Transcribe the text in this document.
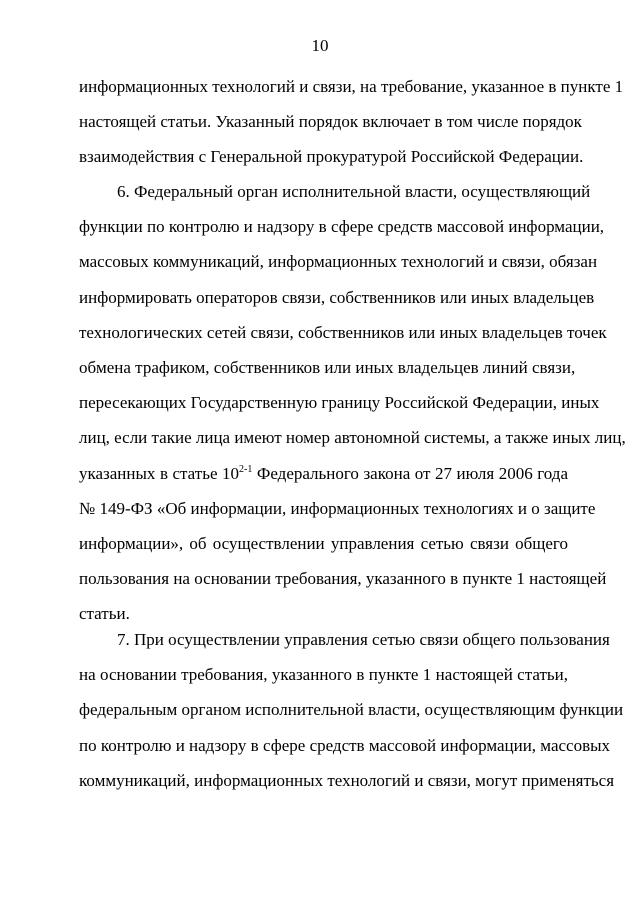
10
информационных технологий и связи, на требование, указанное в пункте 1
настоящей статьи. Указанный порядок включает в том числе порядок
взаимодействия с Генеральной прокуратурой Российской Федерации.
6. Федеральный орган исполнительной власти, осуществляющий
функции по контролю и надзору в сфере средств массовой информации,
массовых коммуникаций, информационных технологий и связи, обязан
информировать операторов связи, собственников или иных владельцев
технологических сетей связи, собственников или иных владельцев точек
обмена трафиком, собственников или иных владельцев линий связи,
пересекающих Государственную границу Российской Федерации, иных
лиц, если такие лица имеют номер автономной системы, а также иных лиц,
указанных в статье 10$^{2-1}$ Федерального закона от 27 июля 2006 года
№ 149-ФЗ «Об информации, информационных технологиях и о защите
информации», об осуществлении управления сетью связи общего
пользования на основании требования, указанного в пункте 1 настоящей
статьи.
7. При осуществлении управления сетью связи общего пользования
на основании требования, указанного в пункте 1 настоящей статьи,
федеральным органом исполнительной власти, осуществляющим функции
по контролю и надзору в сфере средств массовой информации, массовых
коммуникаций, информационных технологий и связи, могут применяться
